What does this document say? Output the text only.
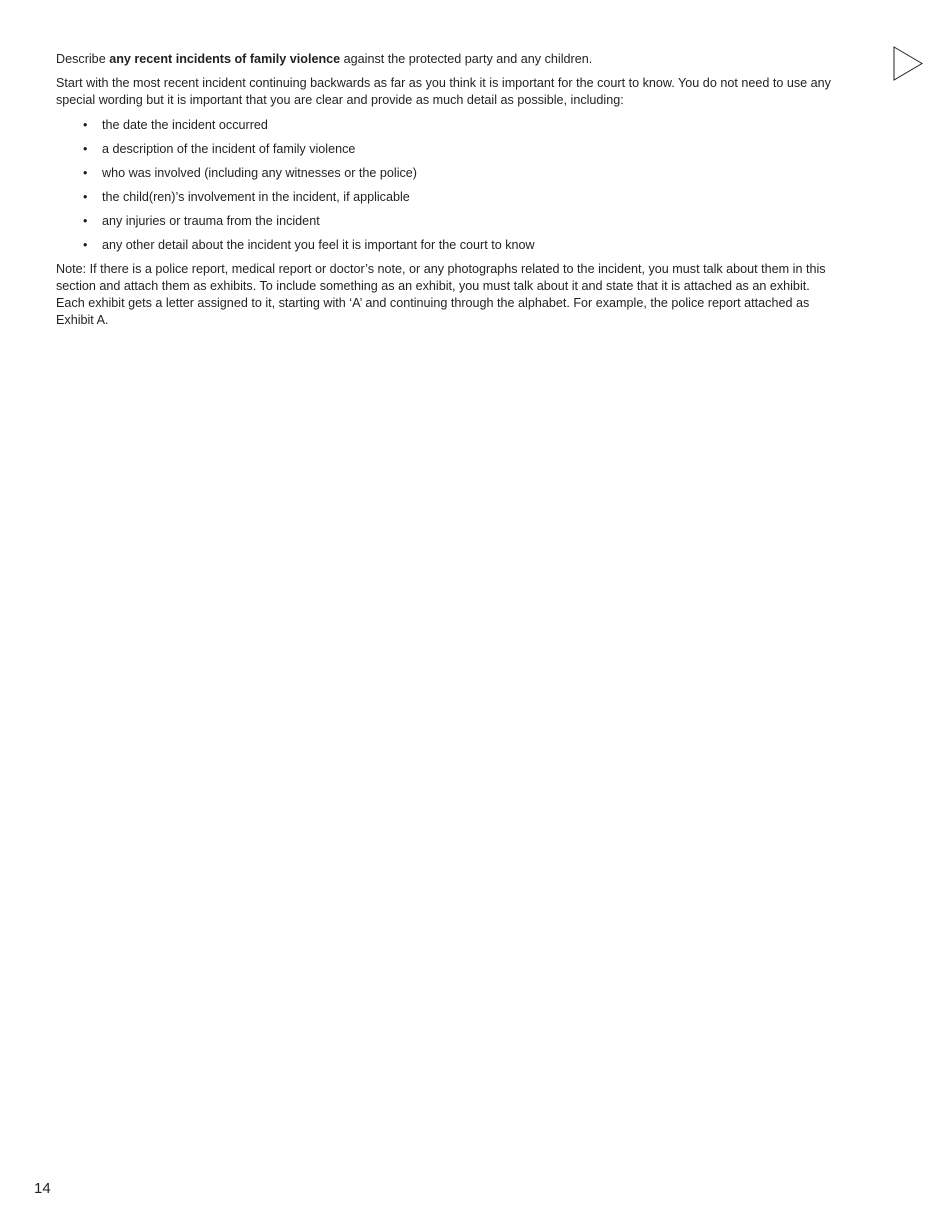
Describe any recent incidents of family violence against the protected party and any children.

Start with the most recent incident continuing backwards as far as you think it is important for the court to know. You do not need to use any special wording but it is important that you are clear and provide as much detail as possible, including:

• the date the incident occurred
• a description of the incident of family violence
• who was involved (including any witnesses or the police)
• the child(ren)’s involvement in the incident, if applicable
• any injuries or trauma from the incident
• any other detail about the incident you feel it is important for the court to know

Note: If there is a police report, medical report or doctor’s note, or any photographs related to the incident, you must talk about them in this section and attach them as exhibits. To include something as an exhibit, you must talk about it and state that it is attached as an exhibit. Each exhibit gets a letter assigned to it, starting with ‘A’ and continuing through the alphabet. For example, the police report attached as Exhibit A.

14
